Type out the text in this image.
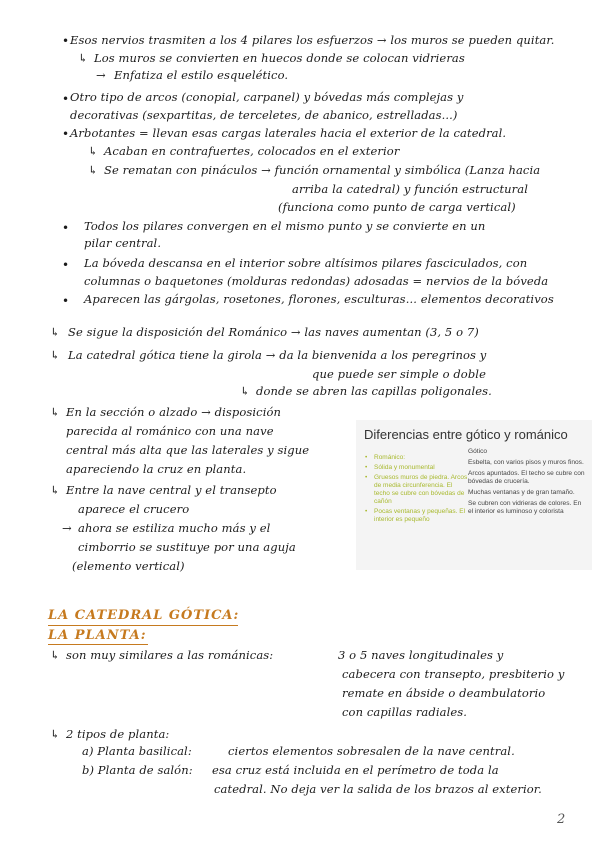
• Esos nervios trasmiten a los 4 pilares los esfuerzos → los muros se pueden quitar.
↳ Los muros se convierten en huecos donde se colocan vidrieras
→ Enfatiza el estilo esquelético.
• Otro tipo de arcos (conopial, carpanel) y bóvedas más complejas y
decorativas (sexpartitas, de terceletes, de abanico, estrelladas...)
• Arbotantes = llevan esas cargas laterales hacia el exterior de la catedral.
↳ Acaban en contrafuertes, colocados en el exterior
↳ Se rematan con pináculos → función ornamental y simbólica (Lanza hacia
arriba la catedral) y función estructural
(funciona como punto de carga vertical)
• Todos los pilares convergen en el mismo punto y se convierte en un
pilar central.
• La bóveda descansa en el interior sobre altísimos pilares fasciculados, con
columnas o baquetones (molduras redondas) adosadas = nervios de la bóveda
• Aparecen las gárgolas, rosetones, florones, esculturas... elementos decorativos
↳ Se sigue la disposición del Románico → las naves aumentan (3, 5 o 7)
↳ La catedral gótica tiene la girola → da la bienvenida a los peregrinos y
que puede ser simple o doble
↳ donde se abren las capillas poligonales.
↳ En la sección o alzado → disposición
parecida al románico con una nave
central más alta que las laterales y sigue
apareciendo la cruz en planta.
↳ Entre la nave central y el transepto
aparece el crucero
→ ahora se estiliza mucho más y el
cimborrio se sustituye por una aguja
(elemento vertical)
Diferencias entre gótico y románico
• Románico:
• Sólida y monumental
• Gruesos muros de piedra. Arcos de media circunferencia. El techo se cubre con bóvedas de cañón
• Pocas ventanas y pequeñas. El interior es pequeño
Gótico
Esbelta, con varios pisos y muros finos.
Arcos apuntados. El techo se cubre con bóvedas de crucería.
Muchas ventanas y de gran tamaño.
Se cubren con vidrieras de colores. En el interior es luminoso y colorista
LA CATEDRAL GÓTICA:
LA PLANTA:
↳ son muy similares a las románicas:	3 o 5 naves longitudinales y
cabecera con transepto, presbiterio y
remate en ábside o deambulatorio
con capillas radiales.
↳ 2 tipos de planta:
a) Planta basilical:	ciertos elementos sobresalen de la nave central.
b) Planta de salón: esa cruz está incluida en el perímetro de toda la
catedral. No deja ver la salida de los brazos al exterior.
2
